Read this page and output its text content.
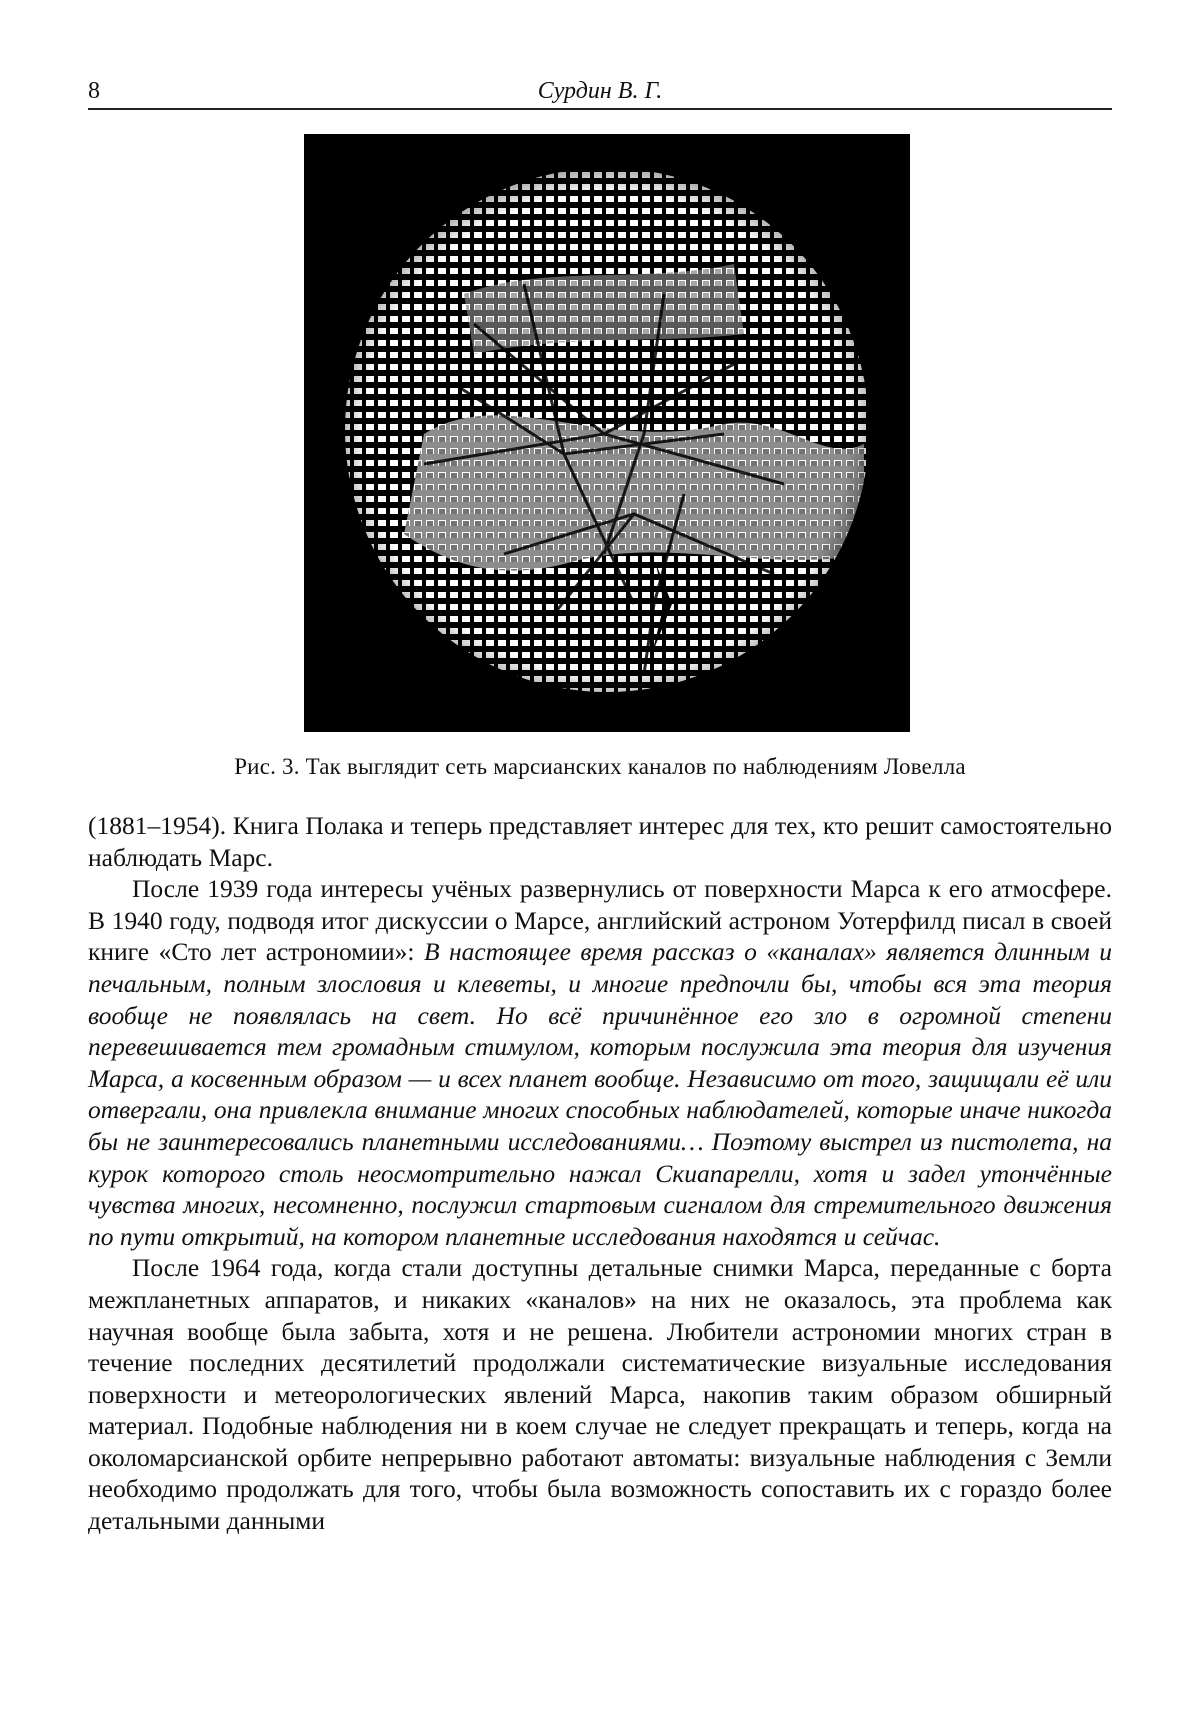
8	Сурдин В. Г.
Рис. 3. Так выглядит сеть марсианских каналов по наблюдениям Ловелла

(1881–1954). Книга Полака и теперь представляет интерес для тех, кто решит самостоятельно наблюдать Марс.

После 1939 года интересы учёных развернулись от поверхности Марса к его атмосфере. В 1940 году, подводя итог дискуссии о Марсе, английский астроном Уотерфилд писал в своей книге «Сто лет астрономии»: В настоящее время рассказ о «каналах» является длинным и печальным, полным злословия и клеветы, и многие предпочли бы, чтобы вся эта теория вообще не появлялась на свет. Но всё причинённое его зло в огромной степени перевешивается тем громадным стимулом, которым послужила эта теория для изучения Марса, а косвенным образом — и всех планет вообще. Независимо от того, защищали её или отвергали, она привлекла внимание многих способных наблюдателей, которые иначе никогда бы не заинтересовались планетными исследованиями… Поэтому выстрел из пистолета, на курок которого столь неосмотрительно нажал Скиапарелли, хотя и задел утончённые чувства многих, несомненно, послужил стартовым сигналом для стремительного движения по пути открытий, на котором планетные исследования находятся и сейчас.

После 1964 года, когда стали доступны детальные снимки Марса, переданные с борта межпланетных аппаратов, и никаких «каналов» на них не оказалось, эта проблема как научная вообще была забыта, хотя и не решена. Любители астрономии многих стран в течение последних десятилетий продолжали систематические визуальные исследования поверхности и метеорологических явлений Марса, накопив таким образом обширный материал. Подобные наблюдения ни в коем случае не следует прекращать и теперь, когда на околомарсианской орбите непрерывно работают автоматы: визуальные наблюдения с Земли необходимо продолжать для того, чтобы была возможность сопоставить их с гораздо более детальными данными
